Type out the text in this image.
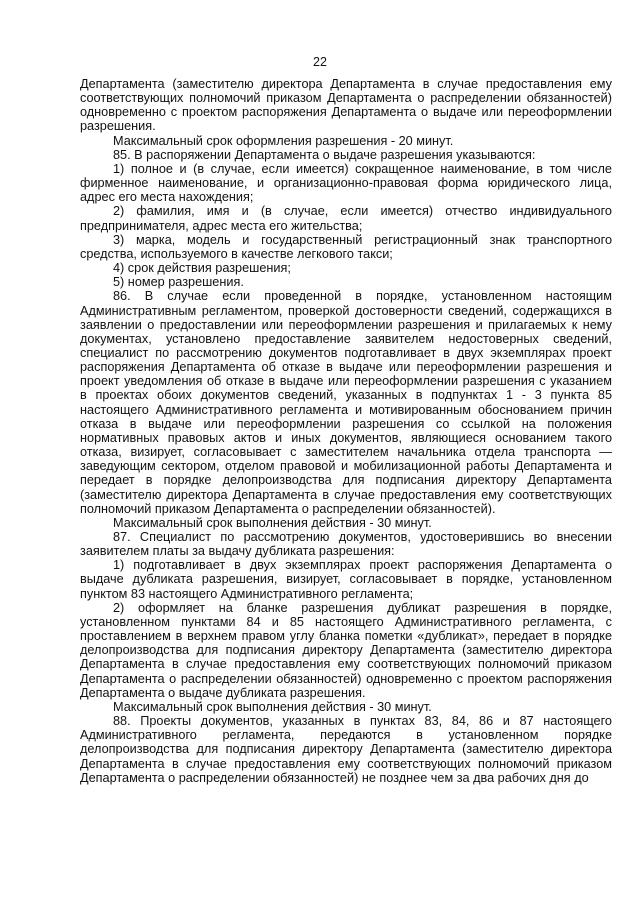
22

Департамента (заместителю директора Департамента в случае предоставления ему соответствующих полномочий приказом Департамента о распределении обязанностей) одновременно с проектом распоряжения Департамента о выдаче или переоформлении разрешения.

Максимальный срок оформления разрешения - 20 минут.

85. В распоряжении Департамента о выдаче разрешения указываются:

1) полное и (в случае, если имеется) сокращенное наименование, в том числе фирменное наименование, и организационно-правовая форма юридического лица, адрес его места нахождения;

2) фамилия, имя и (в случае, если имеется) отчество индивидуального предпринимателя, адрес места его жительства;

3) марка, модель и государственный регистрационный знак транспортного средства, используемого в качестве легкового такси;

4) срок действия разрешения;

5) номер разрешения.

86. В случае если проведенной в порядке, установленном настоящим Административным регламентом, проверкой достоверности сведений, содержащихся в заявлении о предоставлении или переоформлении разрешения и прилагаемых к нему документах, установлено предоставление заявителем недостоверных сведений, специалист по рассмотрению документов подготавливает в двух экземплярах проект распоряжения Департамента об отказе в выдаче или переоформлении разрешения и проект уведомления об отказе в выдаче или переоформлении разрешения с указанием в проектах обоих документов сведений, указанных в подпунктах 1 - 3 пункта 85 настоящего Административного регламента и мотивированным обоснованием причин отказа в выдаче или переоформлении разрешения со ссылкой на положения нормативных правовых актов и иных документов, являющиеся основанием такого отказа, визирует, согласовывает с заместителем начальника отдела транспорта — заведующим сектором, отделом правовой и мобилизационной работы Департамента и передает в порядке делопроизводства для подписания директору Департамента (заместителю директора Департамента в случае предоставления ему соответствующих полномочий приказом Департамента о распределении обязанностей).

Максимальный срок выполнения действия - 30 минут.

87. Специалист по рассмотрению документов, удостоверившись во внесении заявителем платы за выдачу дубликата разрешения:

1) подготавливает в двух экземплярах проект распоряжения Департамента о выдаче дубликата разрешения, визирует, согласовывает в порядке, установленном пунктом 83 настоящего Административного регламента;

2) оформляет на бланке разрешения дубликат разрешения в порядке, установленном пунктами 84 и 85 настоящего Административного регламента, с проставлением в верхнем правом углу бланка пометки «дубликат», передает в порядке делопроизводства для подписания директору Департамента (заместителю директора Департамента в случае предоставления ему соответствующих полномочий приказом Департамента о распределении обязанностей) одновременно с проектом распоряжения Департамента о выдаче дубликата разрешения.

Максимальный срок выполнения действия - 30 минут.

88. Проекты документов, указанных в пунктах 83, 84, 86 и 87 настоящего Административного регламента, передаются в установленном порядке делопроизводства для подписания директору Департамента (заместителю директора Департамента в случае предоставления ему соответствующих полномочий приказом Департамента о распределении обязанностей) не позднее чем за два рабочих дня до
